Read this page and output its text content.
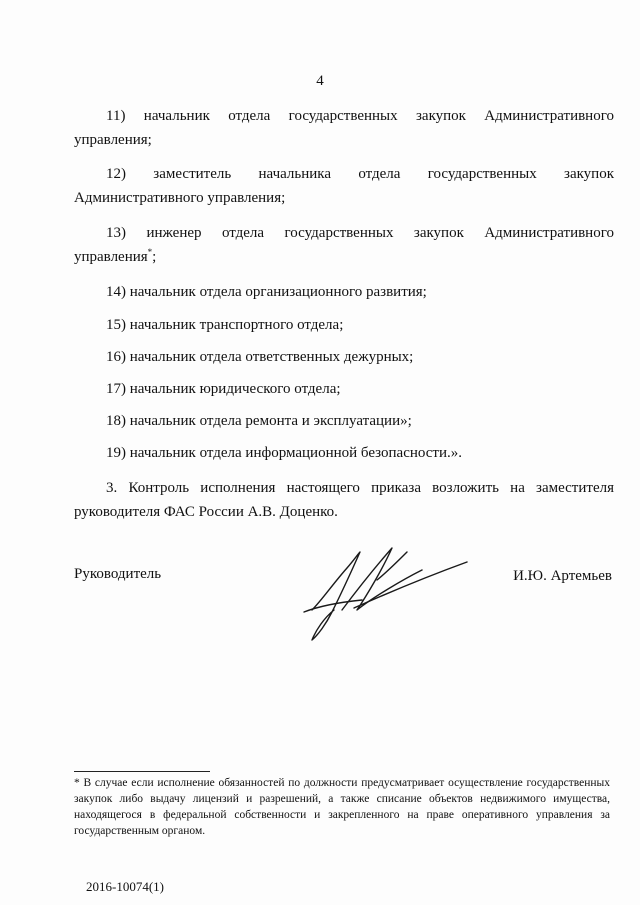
4
11) начальник отдела государственных закупок Административного управления;
12) заместитель начальника отдела государственных закупок Административного управления;
13) инженер отдела государственных закупок Административного управления*;
14) начальник отдела организационного развития;
15) начальник транспортного отдела;
16) начальник отдела ответственных дежурных;
17) начальник юридического отдела;
18) начальник отдела ремонта и эксплуатации»;
19) начальник отдела информационной безопасности.».
3. Контроль исполнения настоящего приказа возложить на заместителя руководителя ФАС России А.В. Доценко.
Руководитель	И.Ю. Артемьев
* В случае если исполнение обязанностей по должности предусматривает осуществление государственных закупок либо выдачу лицензий и разрешений, а также списание объектов недвижимого имущества, находящегося в федеральной собственности и закрепленного на праве оперативного управления за государственным органом.
2016-10074(1)
